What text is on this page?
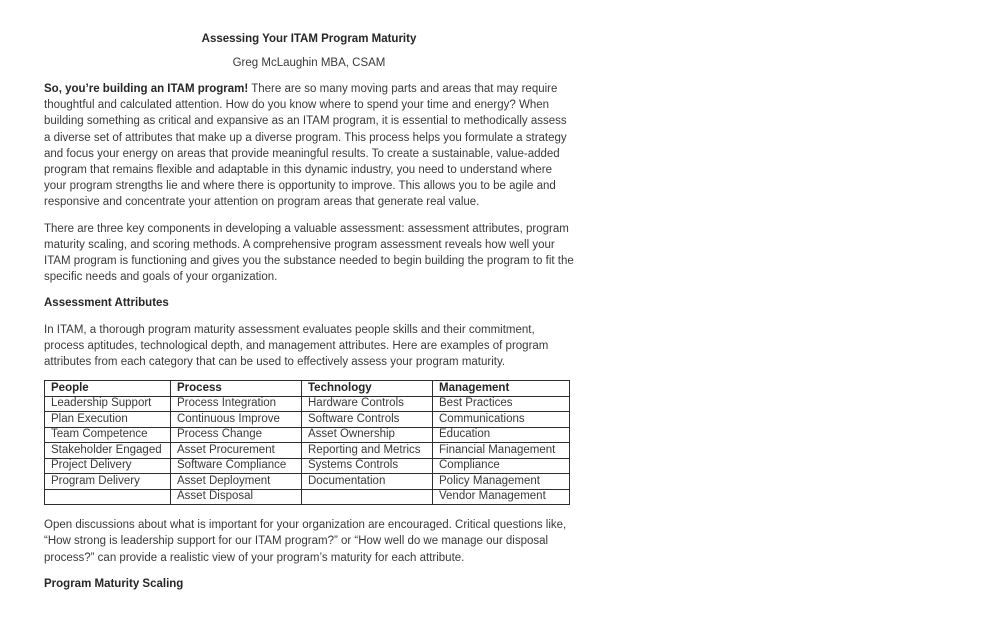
Assessing Your ITAM Program Maturity
Greg McLaughin MBA, CSAM

So, you’re building an ITAM program! There are so many moving parts and areas that may require thoughtful and calculated attention. How do you know where to spend your time and energy? When building something as critical and expansive as an ITAM program, it is essential to methodically assess a diverse set of attributes that make up a diverse program. This process helps you formulate a strategy and focus your energy on areas that provide meaningful results. To create a sustainable, value-added program that remains flexible and adaptable in this dynamic industry, you need to understand where your program strengths lie and where there is opportunity to improve. This allows you to be agile and responsive and concentrate your attention on program areas that generate real value.

There are three key components in developing a valuable assessment: assessment attributes, program maturity scaling, and scoring methods. A comprehensive program assessment reveals how well your ITAM program is functioning and gives you the substance needed to begin building the program to fit the specific needs and goals of your organization.

Assessment Attributes

In ITAM, a thorough program maturity assessment evaluates people skills and their commitment, process aptitudes, technological depth, and management attributes. Here are examples of program attributes from each category that can be used to effectively assess your program maturity.

People	Process	Technology	Management
Leadership Support	Process Integration	Hardware Controls	Best Practices
Plan Execution	Continuous Improve	Software Controls	Communications
Team Competence	Process Change	Asset Ownership	Education
Stakeholder Engaged	Asset Procurement	Reporting and Metrics	Financial Management
Project Delivery	Software Compliance	Systems Controls	Compliance
Program Delivery	Asset Deployment	Documentation	Policy Management
	Asset Disposal		Vendor Management

Open discussions about what is important for your organization are encouraged. Critical questions like, “How strong is leadership support for our ITAM program?” or “How well do we manage our disposal process?” can provide a realistic view of your program’s maturity for each attribute.

Program Maturity Scaling
